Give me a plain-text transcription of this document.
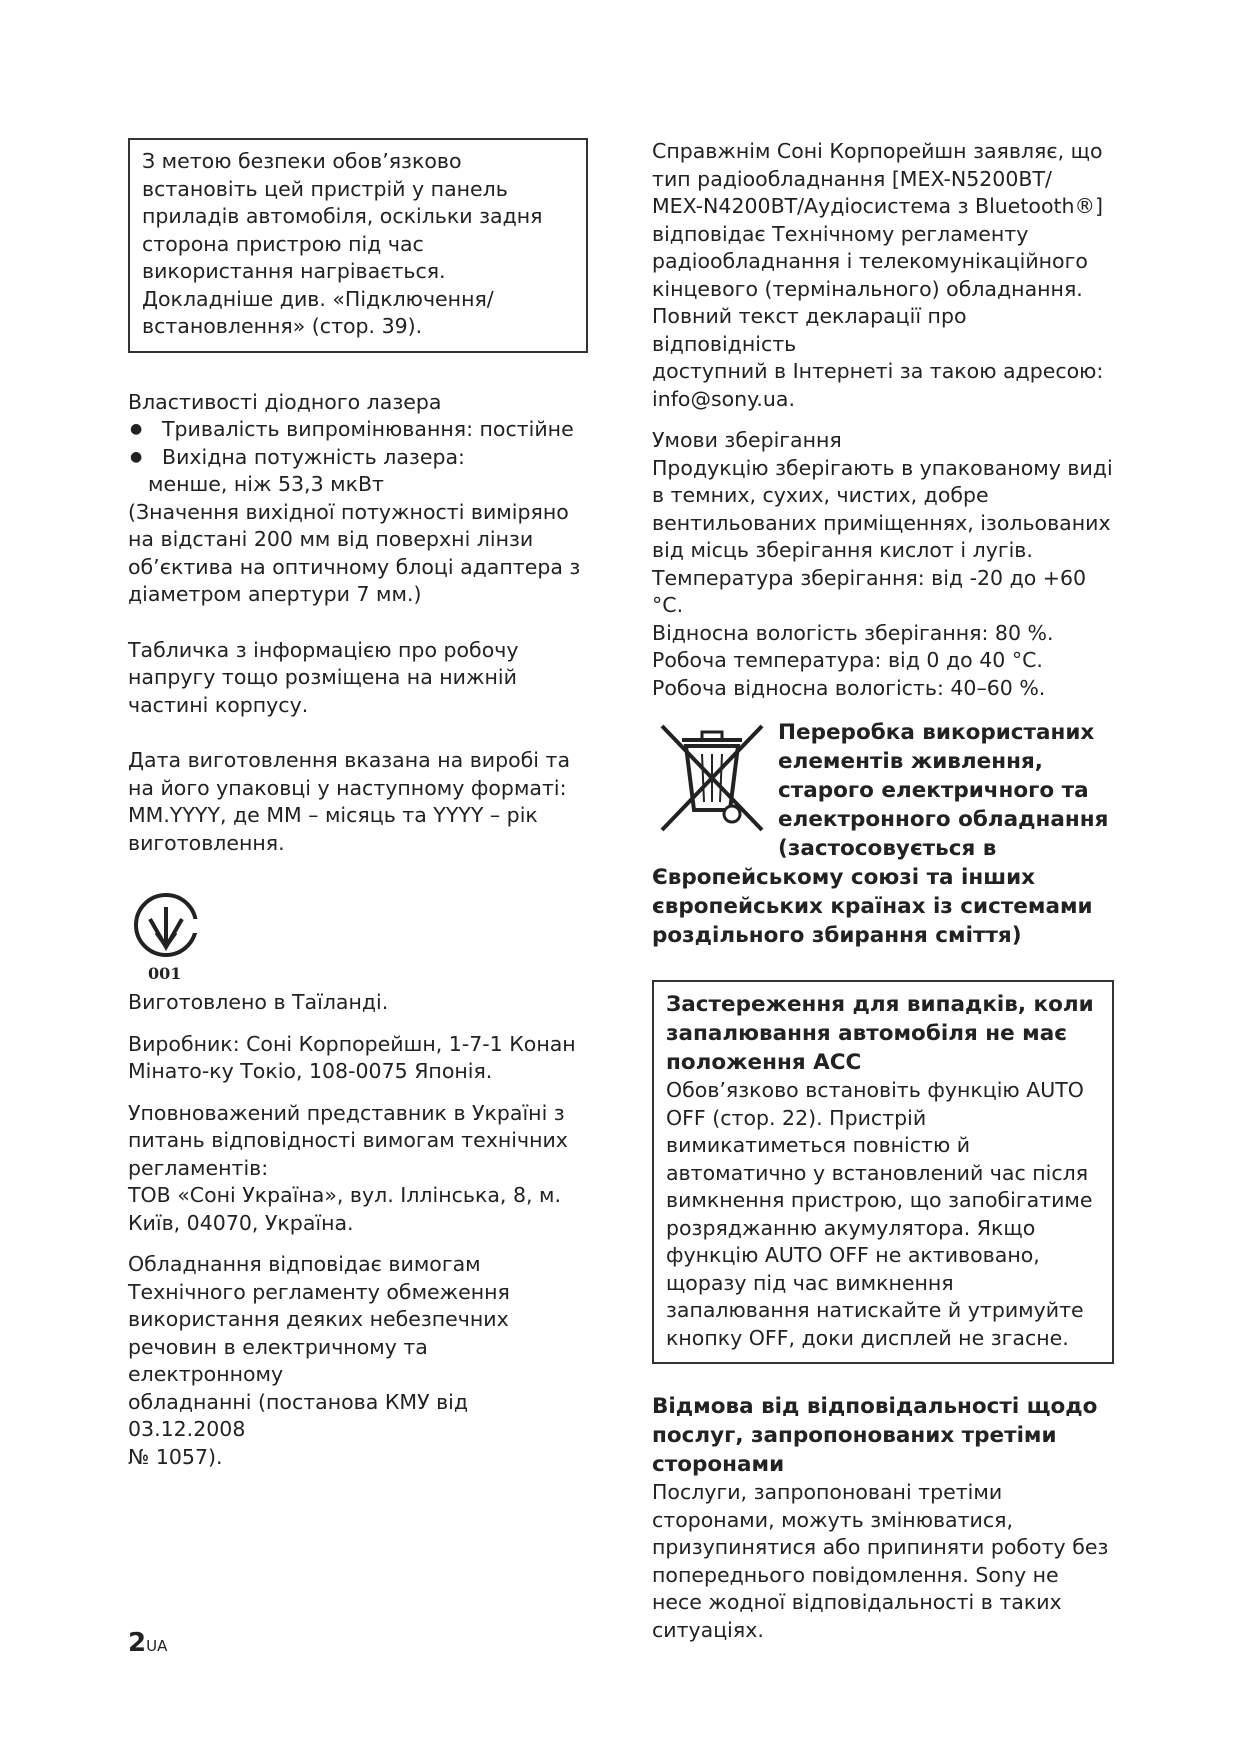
З метою безпеки обов’язково

встановіть цей пристрій у панель

приладів автомобіля, оскільки задня

сторона пристрою під час

використання нагрівається.

Докладніше див. «Підключення/

встановлення» (стор. 39).

Властивості діодного лазера

● Тривалість випромінювання: постійне
● Вихідна потужність лазера:

менше, ніж 53,3 мкВт

(Значення вихідної потужності виміряно

на відстані 200 мм від поверхні лінзи

об’єктива на оптичному блоці адаптера з

діаметром апертури 7 мм.)

Табличка з інформацією про робочу

напругу тощо розміщена на нижній

частині корпусу.

Дата виготовлення вказана на виробі та

на його упаковці у наступному форматі:

MM.YYYY, де MM – місяць та YYYY – рік

виготовлення.

001

Виготовлено в Таїланді.

Виробник: Соні Корпорейшн, 1-7-1 Конан

Мінато-ку Токіо, 108-0075 Японія.

Уповноважений представник в Україні з

питань відповідності вимогам технічних

регламентів:

ТОВ «Соні Україна», вул. Іллінська, 8, м.

Київ, 04070, Україна.

Обладнання відповідає вимогам

Технічного регламенту обмеження

використання деяких небезпечних

речовин в електричному та електронному

обладнанні (постанова КМУ від 03.12.2008

№ 1057).

Справжнім Соні Корпорейшн заявляє, що

тип радіообладнання [MEX-N5200BT/

MEX-N4200BT/Аудіосистема з Bluetooth®]

відповідає Технічному регламенту

радіообладнання і телекомунікаційного

кінцевого (термінального) обладнання.

Повний текст декларації про відповідність

доступний в Інтернеті за такою адресою:

info@sony.ua.

Умови зберігання

Продукцію зберігають в упакованому виді

в темних, сухих, чистих, добре

вентильованих приміщеннях, ізольованих

від місць зберігання кислот і лугів.

Температура зберігання: від -20 до +60 °C.

Відносна вологість зберігання: 80 %.

Робоча температура: від 0 до 40 °C.

Робоча відносна вологість: 40–60 %.

Переробка використаних

елементів живлення,

старого електричного та

електронного обладнання

(застосовується в

Європейському союзі та інших

європейських країнах із системами

роздільного збирання сміття)

Застереження для випадків, коли

запалювання автомобіля не має

положення ACC

Обов’язково встановіть функцію AUTO

OFF (стор. 22). Пристрій

вимикатиметься повністю й

автоматично у встановлений час після

вимкнення пристрою, що запобігатиме

розряджанню акумулятора. Якщо

функцію AUTO OFF не активовано,

щоразу під час вимкнення

запалювання натискайте й утримуйте

кнопку OFF, доки дисплей не згасне.

Відмова від відповідальності щодо

послуг, запропонованих третіми

сторонами

Послуги, запропоновані третіми

сторонами, можуть змінюватися,

призупинятися або припиняти роботу без

попереднього повідомлення. Sony не

несе жодної відповідальності в таких

ситуаціях.

2UA
